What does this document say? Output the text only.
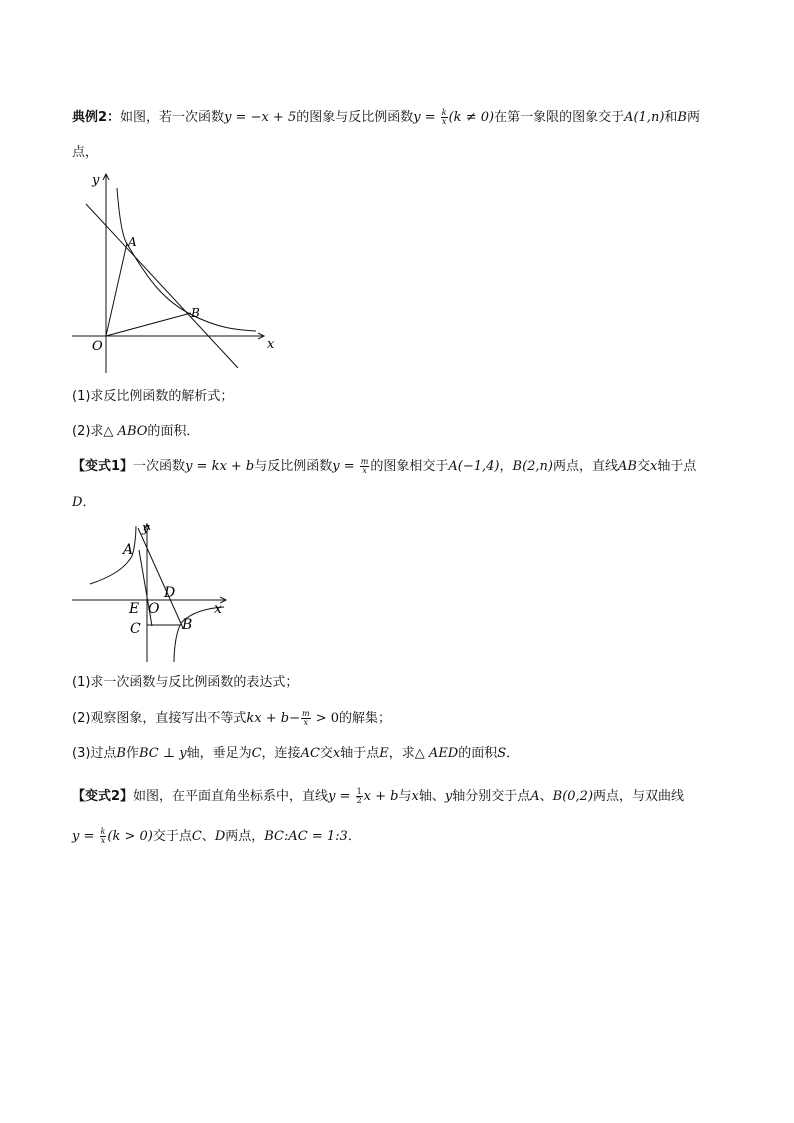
典例2：如图，若一次函数y = −x + 5的图象与反比例函数$y = \frac{k}{x} (k \ne 0)$在第一象限的图象交于A(1,n)和B两
点，
y
x
O
A
B
(1)求反比例函数的解析式；
(2)求△ ABO的面积．
【变式1】一次函数y = kx + b与反比例函数$y = \frac{m}{x}$ 的图象相交于A(−1,4)，B(2,n)两点，直线AB交x轴于点
D．
y
x
A
D
E O
C	B
(1)求一次函数与反比例函数的表达式；
(2)观察图象，直接写出不等式kx + $b- \frac{m}{x} > 0$的解集；
(3)过点B作BC ⊥ y轴，垂足为C，连接AC交x轴于点E，求△ AED的面积S．
【变式2】如图，在平面直角坐标系中，直线$y = \frac{1}{2}$ x + b与x轴、y轴分别交于点A、B(0,2)两点，与双曲线
$y = \frac{k}{x} (k > 0)$交于点C、D两点，BC:AC = 1:3．
